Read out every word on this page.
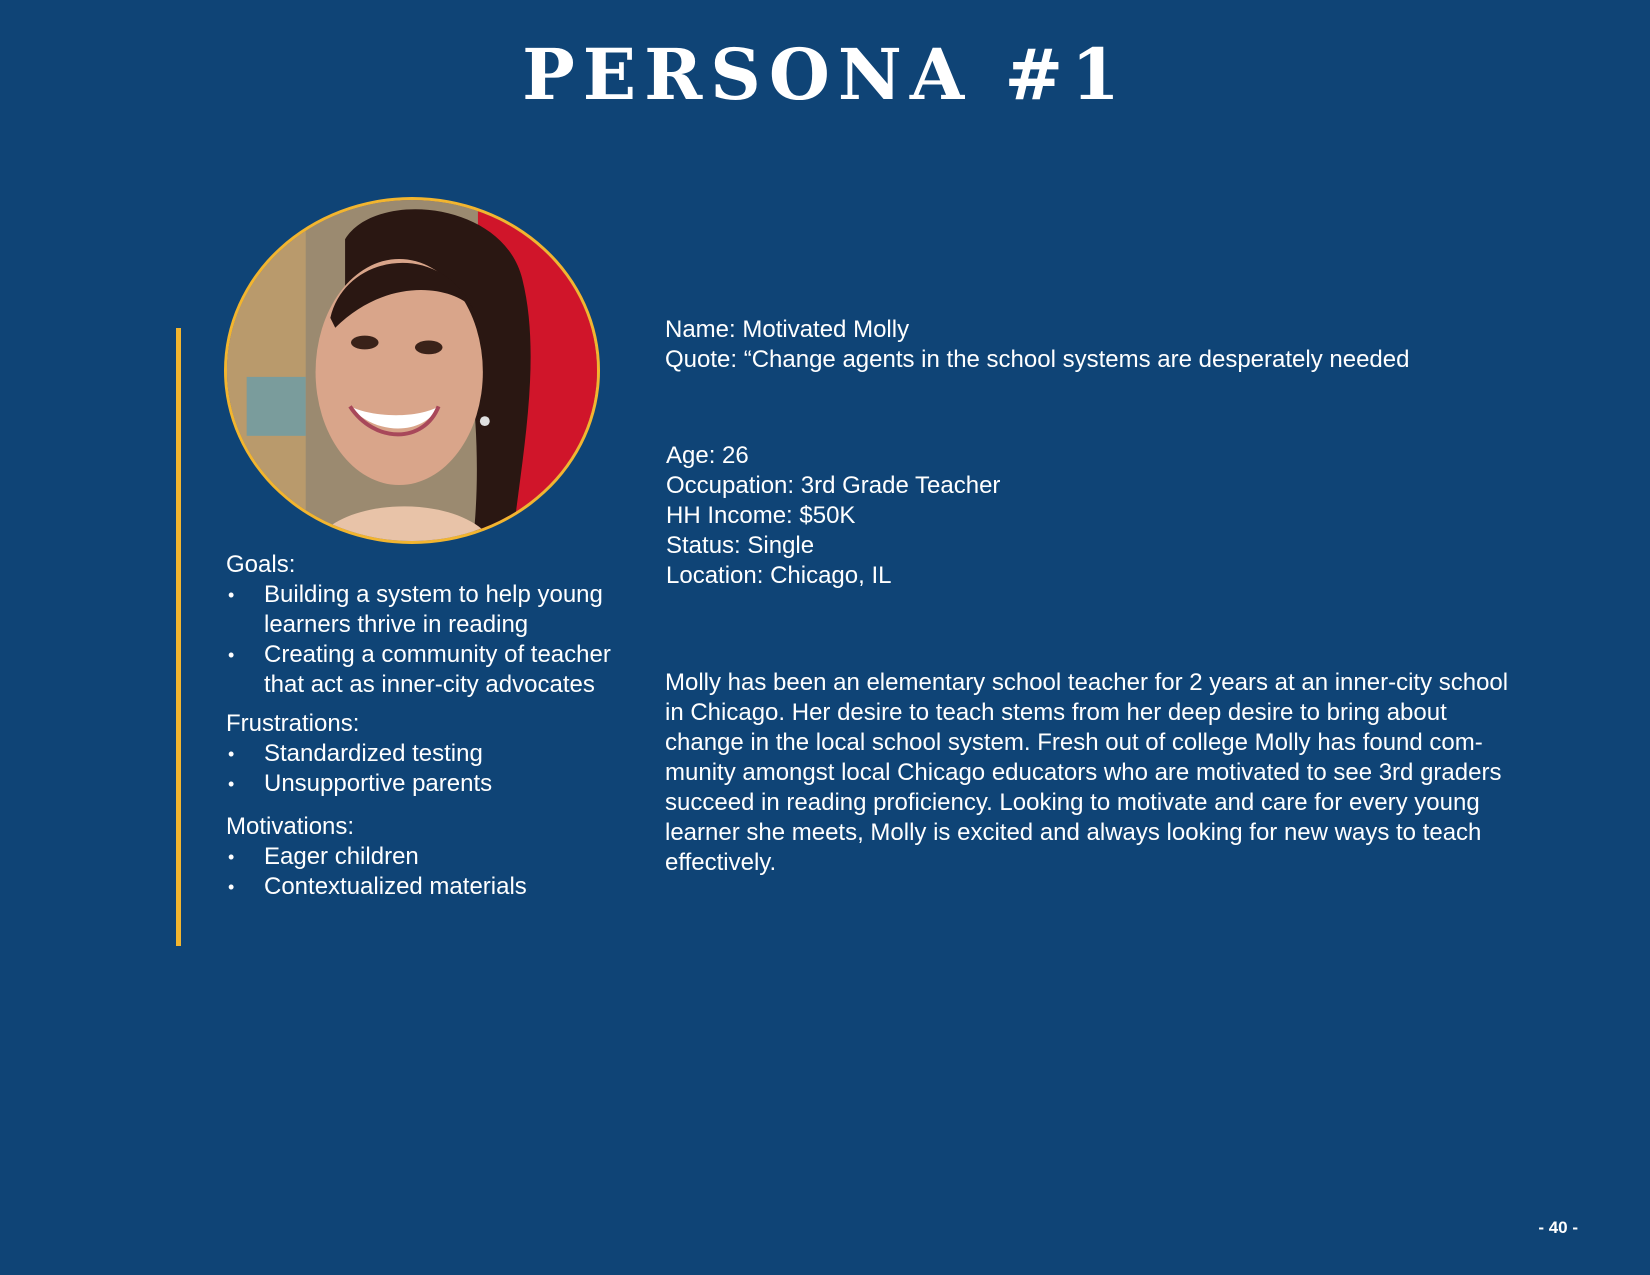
PERSONA #1
Goals:
• Building a system to help young
learners thrive in reading
• Creating a community of teacher
that act as inner-city advocates
Frustrations:
• Standardized testing
• Unsupportive parents
Motivations:
• Eager children
• Contextualized materials
Name: Motivated Molly
Quote: “Change agents in the school systems are desperately needed
Age: 26
Occupation: 3rd Grade Teacher
HH Income: $50K
Status: Single
Location: Chicago, IL
Molly has been an elementary school teacher for 2 years at an inner-city school
in Chicago. Her desire to teach stems from her deep desire to bring about
change in the local school system. Fresh out of college Molly has found com-
munity amongst local Chicago educators who are motivated to see 3rd graders
succeed in reading proficiency. Looking to motivate and care for every young
learner she meets, Molly is excited and always looking for new ways to teach
effectively.
- 40 -
